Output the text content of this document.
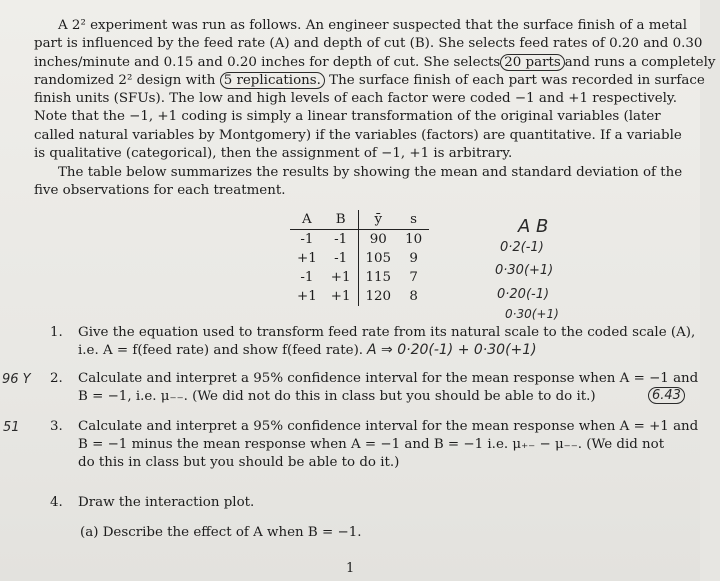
A 2² experiment was run as follows. An engineer suspected that the surface finish of a metal
part is influenced by the feed rate (A) and depth of cut (B). She selects feed rates of 0.20 and 0.30
inches/minute and 0.15 and 0.20 inches for depth of cut. She selects 20 parts and runs a completely
randomized 2² design with 5 replications. The surface finish of each part was recorded in surface
finish units (SFUs). The low and high levels of each factor were coded −1 and +1 respectively.
Note that the −1, +1 coding is simply a linear transformation of the original variables (later
called natural variables by Montgomery) if the variables (factors) are quantitative. If a variable
is qualitative (categorical), then the assignment of −1, +1 is arbitrary.

The table below summarizes the results by showing the mean and standard deviation of the
five observations for each treatment.

A	B	ȳ	s
-1	-1	90	10
+1	-1	105	9
-1	+1	115	7
+1	+1	120	8
A B
0·2(-1)
0·30(+1)
0·20(-1)
0·30(+1)
1. Give the equation used to transform feed rate from its natural scale to the coded scale (A),
i.e. A = f(feed rate) and show f(feed rate). A ⇒ 0·20(-1) + 0·30(+1)
96 Y 2. Calculate and interpret a 95% confidence interval for the mean response when A = −1 and
B = −1, i.e. μ₋₋. (We did not do this in class but you should be able to do it.)	6.43
51 3. Calculate and interpret a 95% confidence interval for the mean response when A = +1 and
B = −1 minus the mean response when A = −1 and B = −1 i.e. μ₊₋ − μ₋₋. (We did not
do this in class but you should be able to do it.)
4. Draw the interaction plot.
(a) Describe the effect of A when B = −1.
1
